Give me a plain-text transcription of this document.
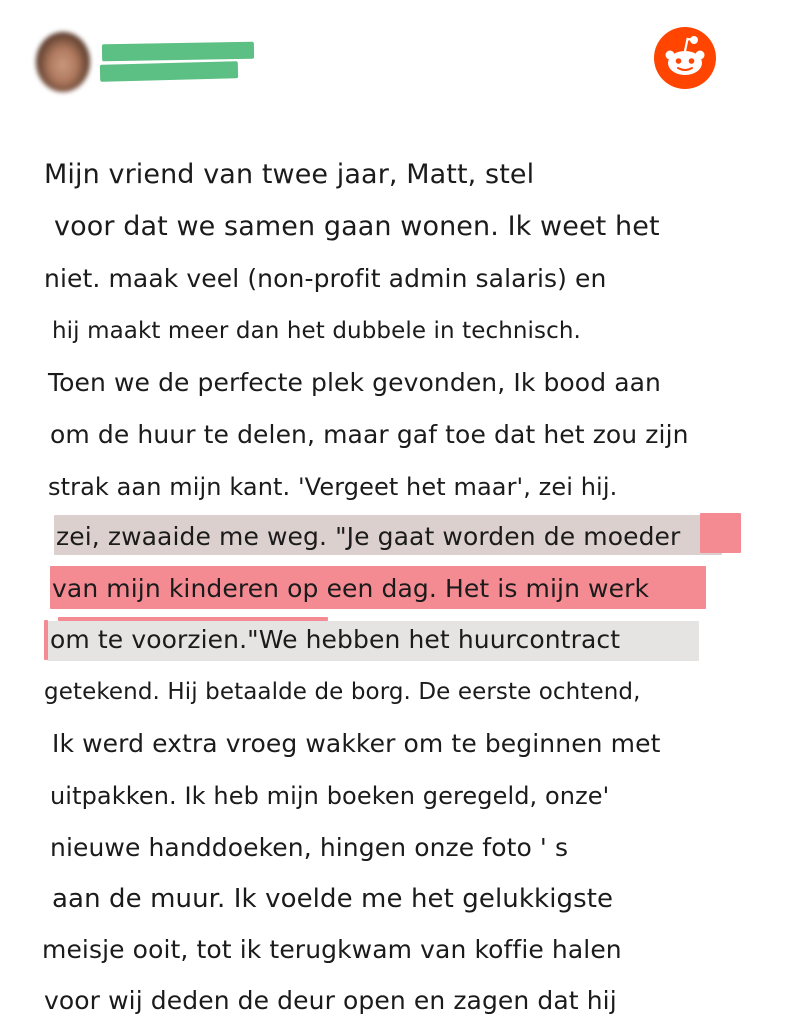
Mijn vriend van twee jaar, Matt, stel
voor dat we samen gaan wonen. Ik weet het
niet. maak veel (non-profit admin salaris) en
hij maakt meer dan het dubbele in technisch.
Toen we de perfecte plek gevonden, Ik bood aan
om de huur te delen, maar gaf toe dat het zou zijn
strak aan mijn kant. 'Vergeet het maar', zei hij.
zei, zwaaide me weg. "Je gaat worden de moeder
van mijn kinderen op een dag. Het is mijn werk
om te voorzien."We hebben het huurcontract
getekend. Hij betaalde de borg. De eerste ochtend,
Ik werd extra vroeg wakker om te beginnen met
uitpakken. Ik heb mijn boeken geregeld, onze'
nieuwe handdoeken, hingen onze foto ' s
aan de muur. Ik voelde me het gelukkigste
meisje ooit, tot ik terugkwam van koffie halen
voor wij deden de deur open en zagen dat hij
